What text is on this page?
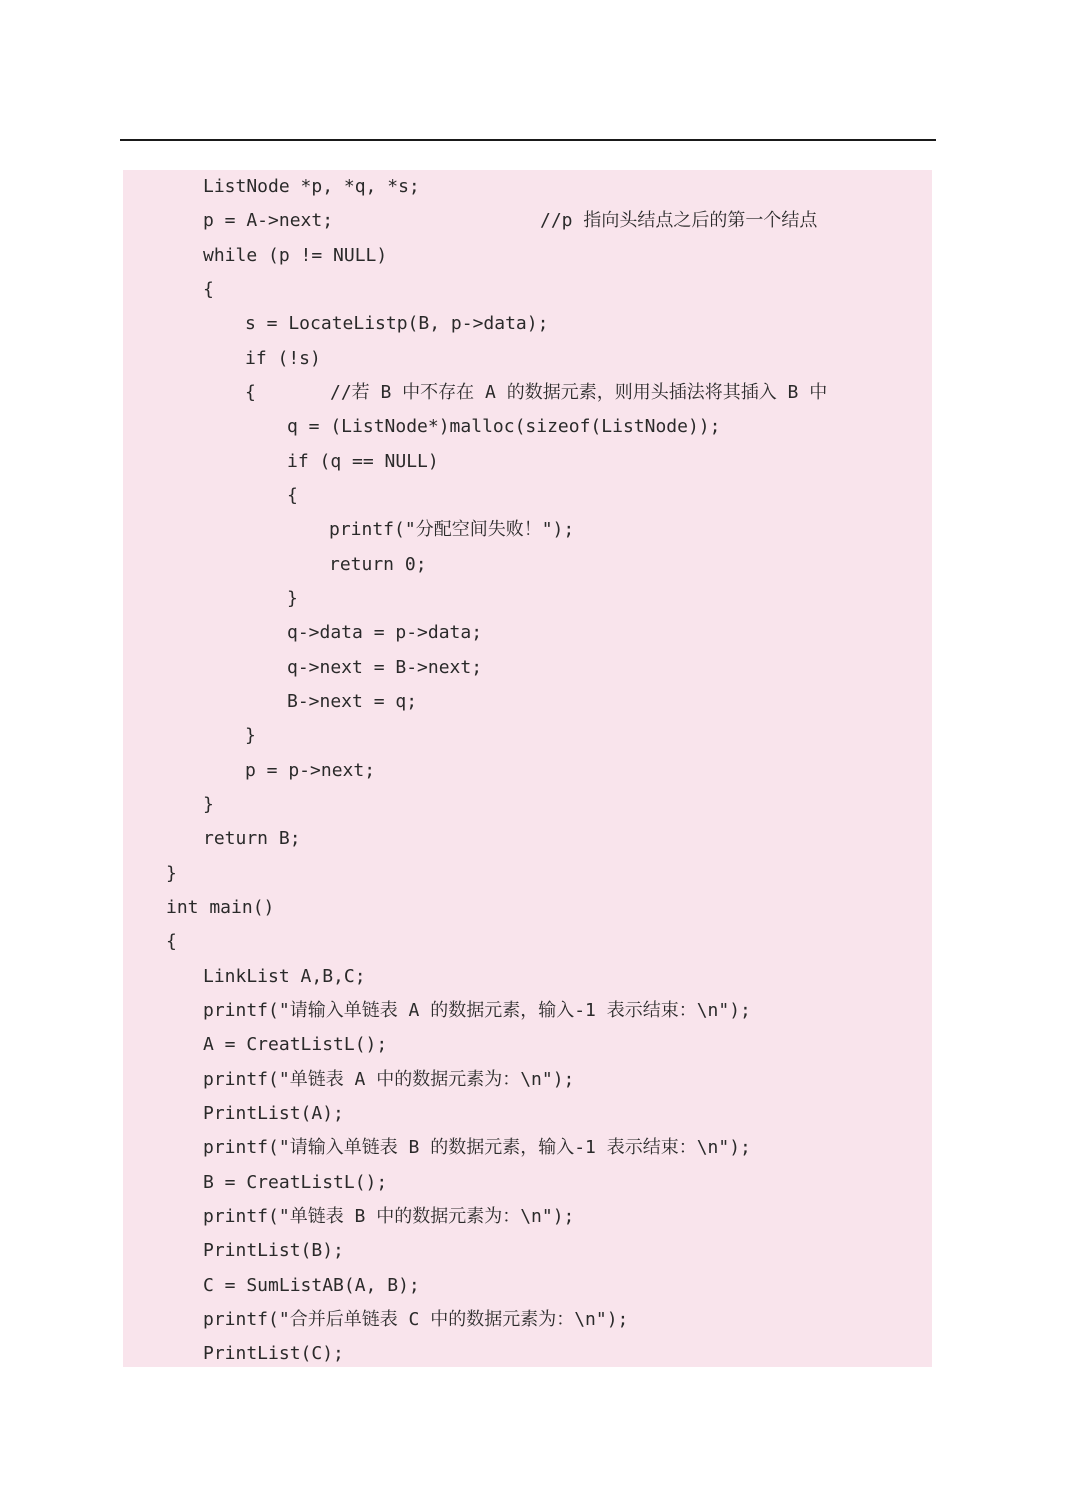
ListNode *p, *q, *s;
p = A->next;	//p 指向头结点之后的第一个结点
while (p != NULL)
{
s = LocateListp(B, p->data);
if (!s)
{	//若 B 中不存在 A 的数据元素，则用头插法将其插入 B 中
q = (ListNode*)malloc(sizeof(ListNode));
if (q == NULL)
{
printf("分配空间失败！");
return 0;
}
q->data = p->data;
q->next = B->next;
B->next = q;
}
p = p->next;
}
return B;
}
int main()
{
LinkList A,B,C;
printf("请输入单链表 A 的数据元素，输入-1 表示结束：\n");
A = CreatListL();
printf("单链表 A 中的数据元素为：\n");
PrintList(A);
printf("请输入单链表 B 的数据元素，输入-1 表示结束：\n");
B = CreatListL();
printf("单链表 B 中的数据元素为：\n");
PrintList(B);
C = SumListAB(A, B);
printf("合并后单链表 C 中的数据元素为：\n");
PrintList(C);
